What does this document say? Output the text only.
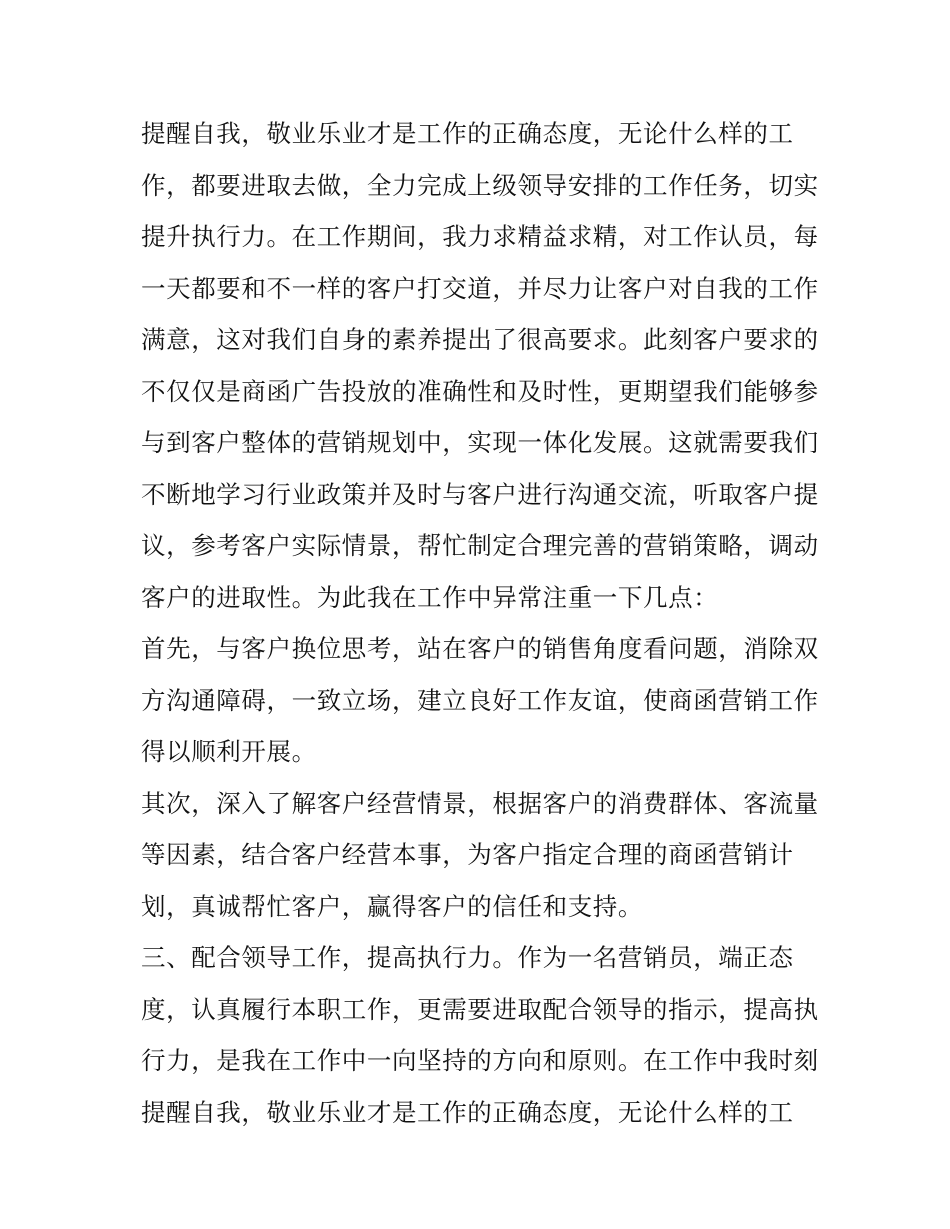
提醒自我，敬业乐业才是工作的正确态度，无论什么样的工
作，都要进取去做，全力完成上级领导安排的工作任务，切实
提升执行力。在工作期间，我力求精益求精，对工作认员，每
一天都要和不一样的客户打交道，并尽力让客户对自我的工作
满意，这对我们自身的素养提出了很高要求。此刻客户要求的
不仅仅是商函广告投放的准确性和及时性，更期望我们能够参
与到客户整体的营销规划中，实现一体化发展。这就需要我们
不断地学习行业政策并及时与客户进行沟通交流，听取客户提
议，参考客户实际情景，帮忙制定合理完善的营销策略，调动
客户的进取性。为此我在工作中异常注重一下几点：
首先，与客户换位思考，站在客户的销售角度看问题，消除双
方沟通障碍，一致立场，建立良好工作友谊，使商函营销工作
得以顺利开展。
其次，深入了解客户经营情景，根据客户的消费群体、客流量
等因素，结合客户经营本事，为客户指定合理的商函营销计
划，真诚帮忙客户，赢得客户的信任和支持。
三、配合领导工作，提高执行力。作为一名营销员，端正态
度，认真履行本职工作，更需要进取配合领导的指示，提高执
行力，是我在工作中一向坚持的方向和原则。在工作中我时刻
提醒自我，敬业乐业才是工作的正确态度，无论什么样的工
